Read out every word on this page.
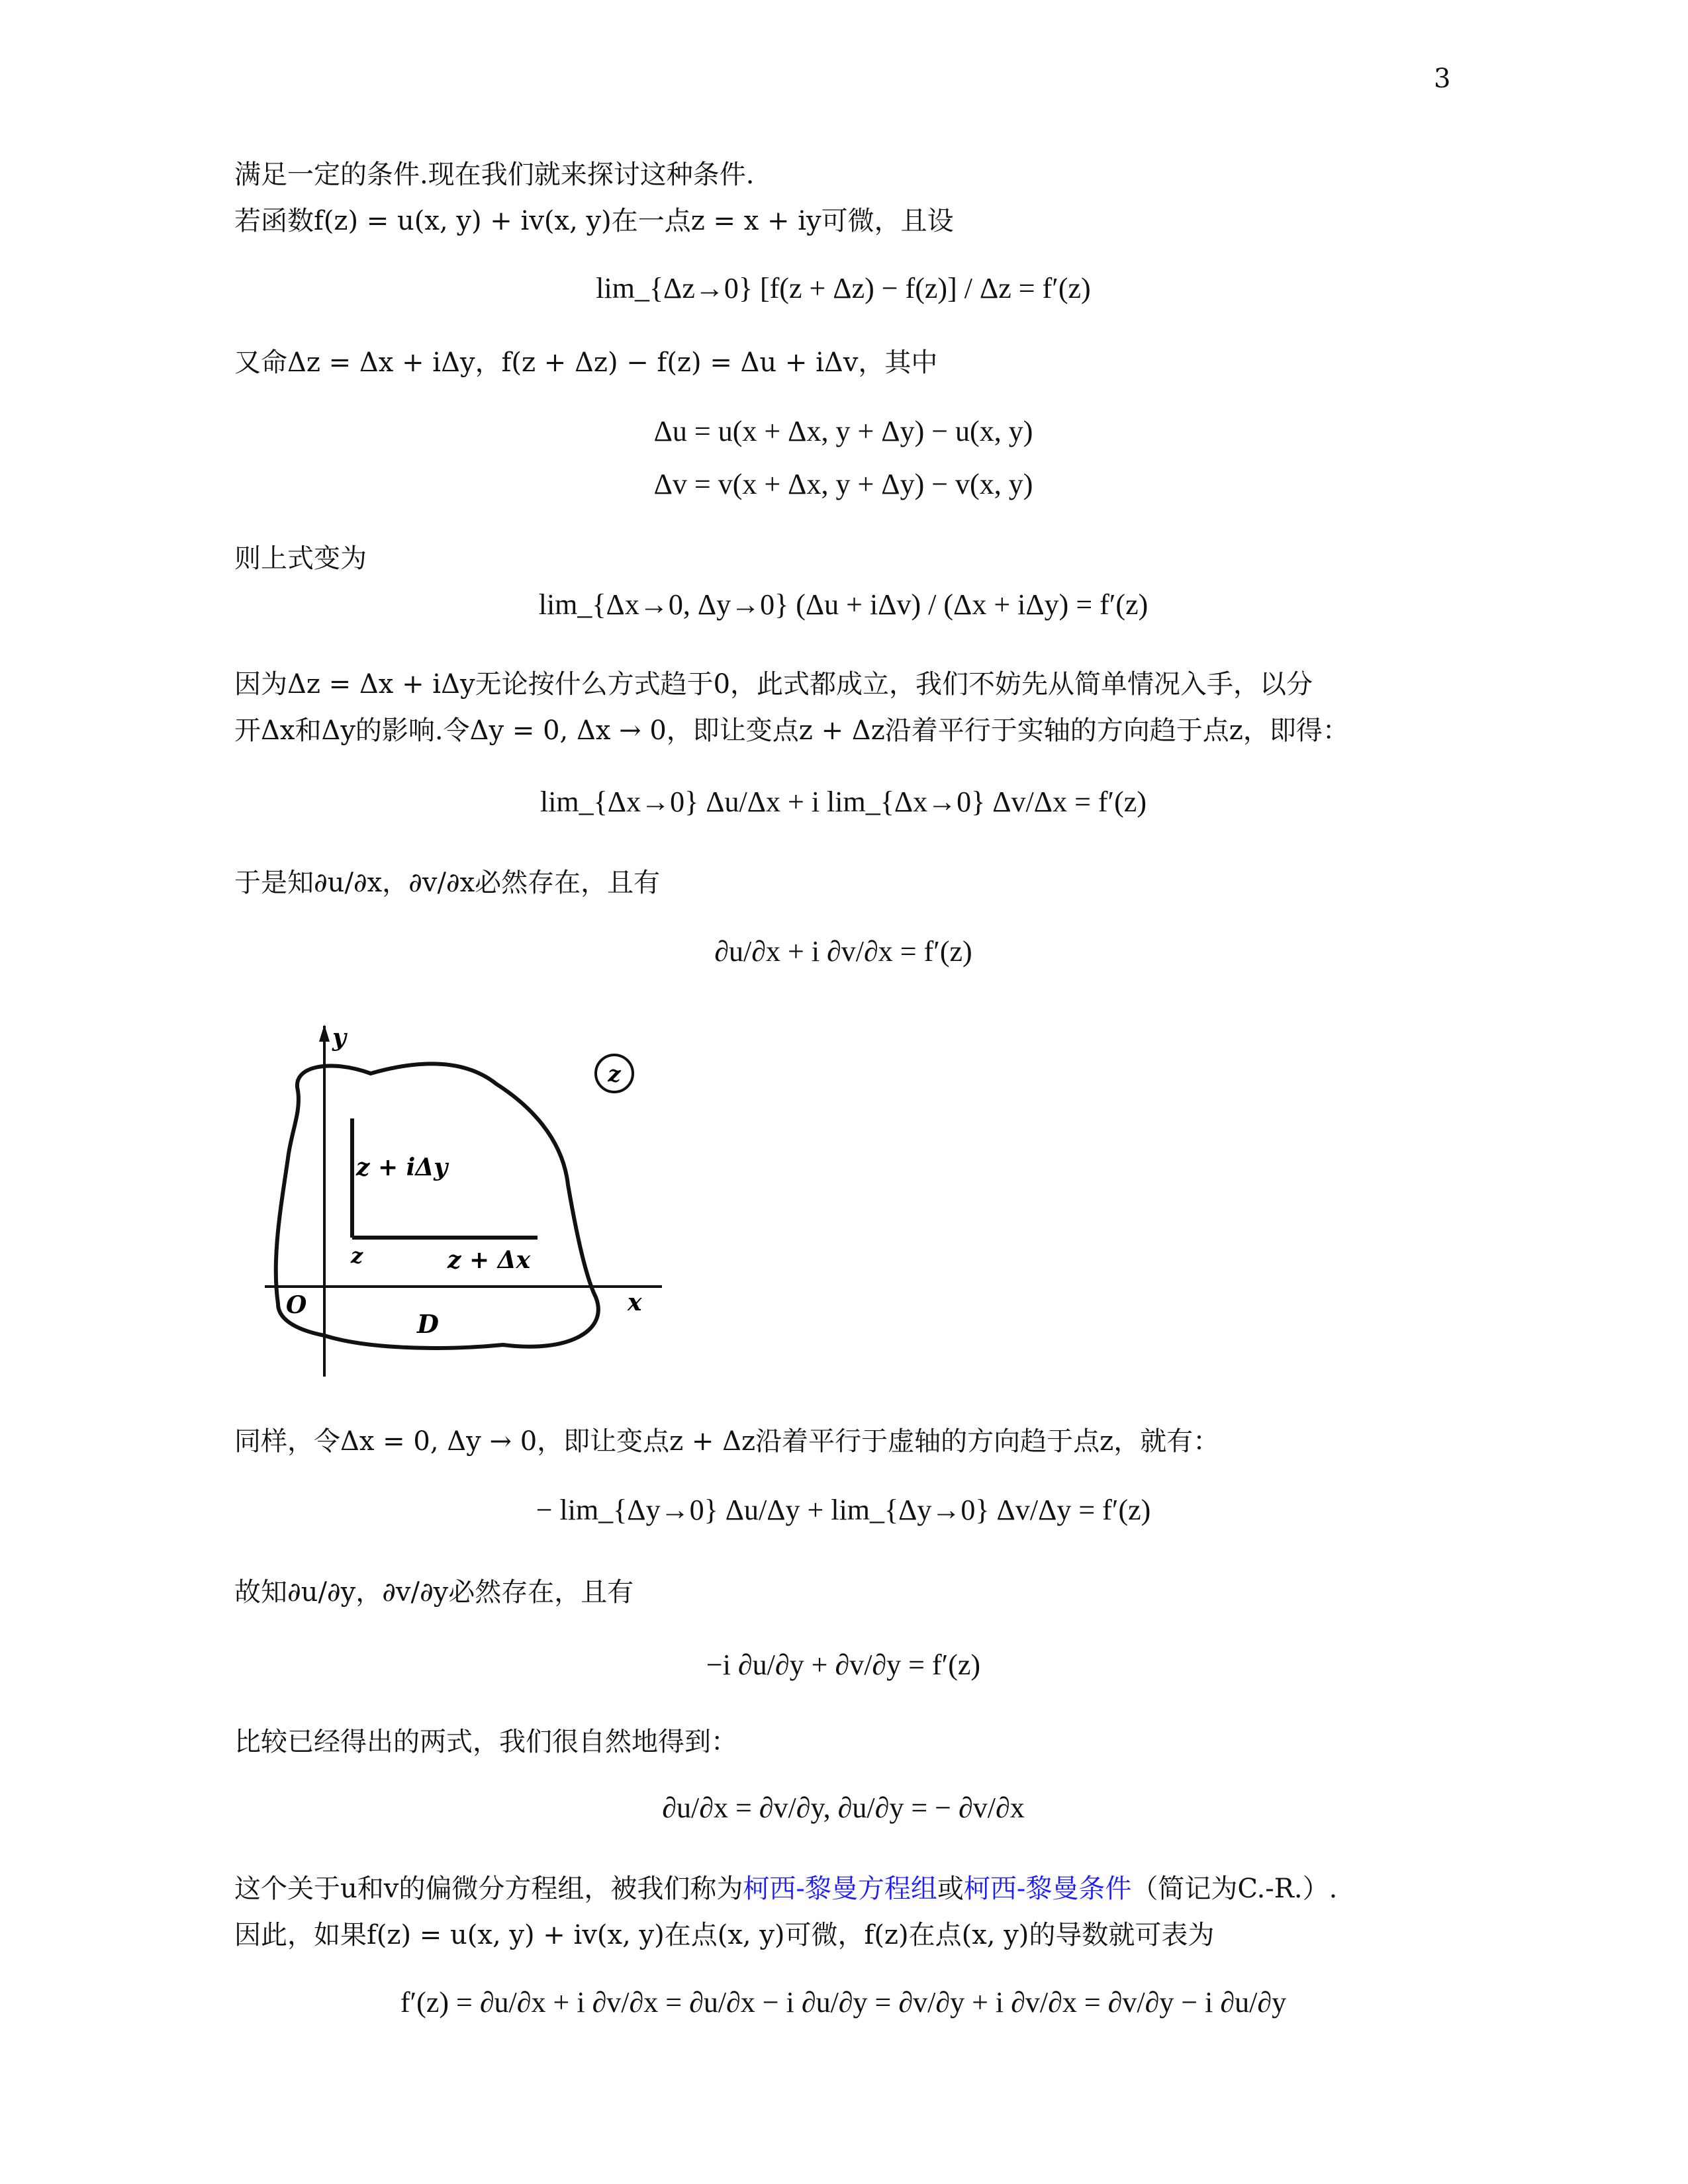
3
满足一定的条件.现在我们就来探讨这种条件.
若函数f(z) = u(x, y) + iv(x, y)在一点z = x + iy可微，且设
lim_{Δz→0} [f(z + Δz) − f(z)] / Δz = f′(z)
又命Δz = Δx + iΔy，f(z + Δz) − f(z) = Δu + iΔv，其中
Δu = u(x + Δx, y + Δy) − u(x, y)
Δv = v(x + Δx, y + Δy) − v(x, y)
则上式变为
lim_{Δx→0, Δy→0} (Δu + iΔv) / (Δx + iΔy) = f′(z)
因为Δz = Δx + iΔy无论按什么方式趋于0，此式都成立，我们不妨先从简单情况入手，以分
开Δx和Δy的影响.令Δy = 0, Δx → 0，即让变点z + Δz沿着平行于实轴的方向趋于点z，即得：
lim_{Δx→0} Δu/Δx + i lim_{Δx→0} Δv/Δx = f′(z)
于是知∂u/∂x，∂v/∂x必然存在，且有
∂u/∂x + i ∂v/∂x = f′(z)
z
y
x
O
D
z
z + iΔy
z + Δx
同样，令Δx = 0, Δy → 0，即让变点z + Δz沿着平行于虚轴的方向趋于点z，就有：
− lim_{Δy→0} Δu/Δy + lim_{Δy→0} Δv/Δy = f′(z)
故知∂u/∂y，∂v/∂y必然存在，且有
−i ∂u/∂y + ∂v/∂y = f′(z)
比较已经得出的两式，我们很自然地得到：
∂u/∂x = ∂v/∂y, ∂u/∂y = − ∂v/∂x
这个关于u和v的偏微分方程组，被我们称为柯西-黎曼方程组或柯西-黎曼条件（简记为C.-R.）.
因此，如果f(z) = u(x, y) + iv(x, y)在点(x, y)可微，f(z)在点(x, y)的导数就可表为
f′(z) = ∂u/∂x + i ∂v/∂x = ∂u/∂x − i ∂u/∂y = ∂v/∂y + i ∂v/∂x = ∂v/∂y − i ∂u/∂y
